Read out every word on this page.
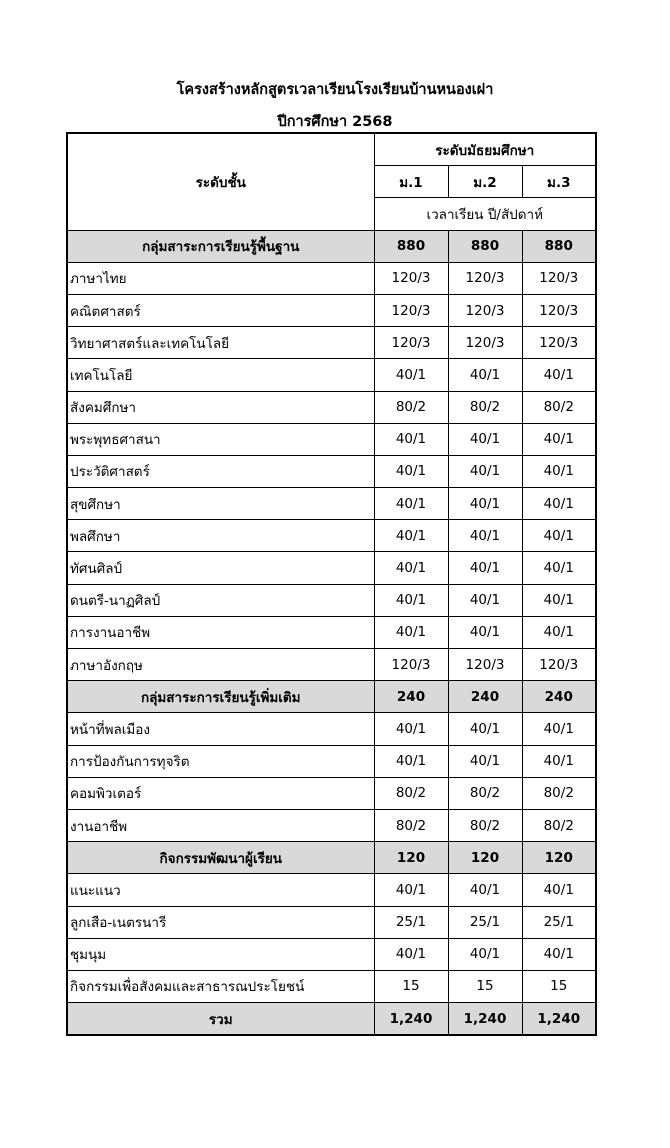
โครงสร้างหลักสูตรเวลาเรียนโรงเรียนบ้านหนองเผ่า
ปีการศึกษา 2568
ระดับชั้น	ระดับมัธยมศึกษา		
	ม.1	ม.2	ม.3
	เวลาเรียน ปี/สัปดาห์		
กลุ่มสาระการเรียนรู้พื้นฐาน	880	880	880
ภาษาไทย	120/3	120/3	120/3
คณิตศาสตร์	120/3	120/3	120/3
วิทยาศาสตร์และเทคโนโลยี	120/3	120/3	120/3
เทคโนโลยี	40/1	40/1	40/1
สังคมศึกษา	80/2	80/2	80/2
พระพุทธศาสนา	40/1	40/1	40/1
ประวัติศาสตร์	40/1	40/1	40/1
สุขศึกษา	40/1	40/1	40/1
พลศึกษา	40/1	40/1	40/1
ทัศนศิลป์	40/1	40/1	40/1
ดนตรี-นาฏศิลป์	40/1	40/1	40/1
การงานอาชีพ	40/1	40/1	40/1
ภาษาอังกฤษ	120/3	120/3	120/3
กลุ่มสาระการเรียนรู้เพิ่มเติม	240	240	240
หน้าที่พลเมือง	40/1	40/1	40/1
การป้องกันการทุจริต	40/1	40/1	40/1
คอมพิวเตอร์	80/2	80/2	80/2
งานอาชีพ	80/2	80/2	80/2
กิจกรรมพัฒนาผู้เรียน	120	120	120
แนะแนว	40/1	40/1	40/1
ลูกเสือ-เนตรนารี	25/1	25/1	25/1
ชุมนุม	40/1	40/1	40/1
กิจกรรมเพื่อสังคมและสาธารณประโยชน์	15	15	15
รวม	1,240	1,240	1,240
